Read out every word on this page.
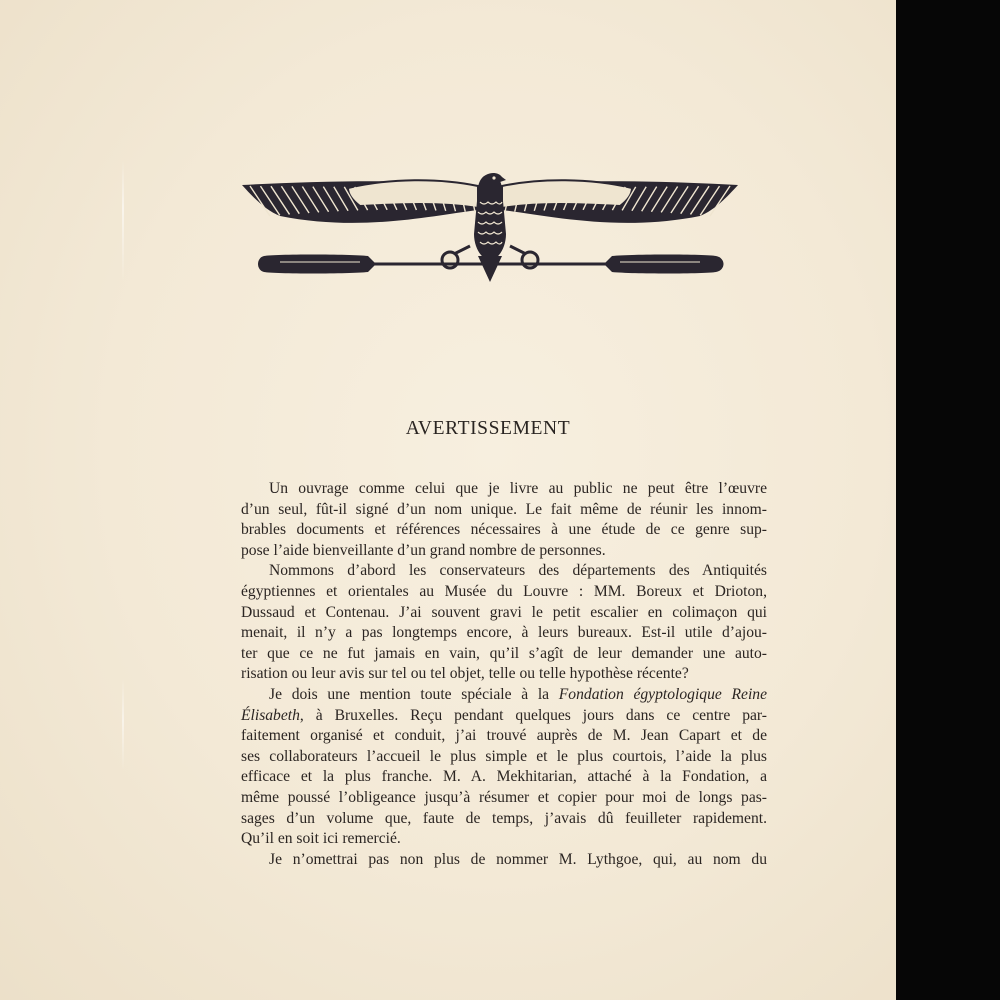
AVERTISSEMENT

Un ouvrage comme celui que je livre au public ne peut être l’œuvre
d’un seul, fût-il signé d’un nom unique. Le fait même de réunir les innom-
brables documents et références nécessaires à une étude de ce genre sup-
pose l’aide bienveillante d’un grand nombre de personnes.

Nommons d’abord les conservateurs des départements des Antiquités
égyptiennes et orientales au Musée du Louvre : MM. Boreux et Drioton,
Dussaud et Contenau. J’ai souvent gravi le petit escalier en colimaçon qui
menait, il n’y a pas longtemps encore, à leurs bureaux. Est-il utile d’ajou-
ter que ce ne fut jamais en vain, qu’il s’agît de leur demander une auto-
risation ou leur avis sur tel ou tel objet, telle ou telle hypothèse récente?

Je dois une mention toute spéciale à la Fondation égyptologique Reine
Élisabeth, à Bruxelles. Reçu pendant quelques jours dans ce centre par-
faitement organisé et conduit, j’ai trouvé auprès de M. Jean Capart et de
ses collaborateurs l’accueil le plus simple et le plus courtois, l’aide la plus
efficace et la plus franche. M. A. Mekhitarian, attaché à la Fondation, a
même poussé l’obligeance jusqu’à résumer et copier pour moi de longs pas-
sages d’un volume que, faute de temps, j’avais dû feuilleter rapidement.
Qu’il en soit ici remercié.

Je n’omettrai pas non plus de nommer M. Lythgoe, qui, au nom du
